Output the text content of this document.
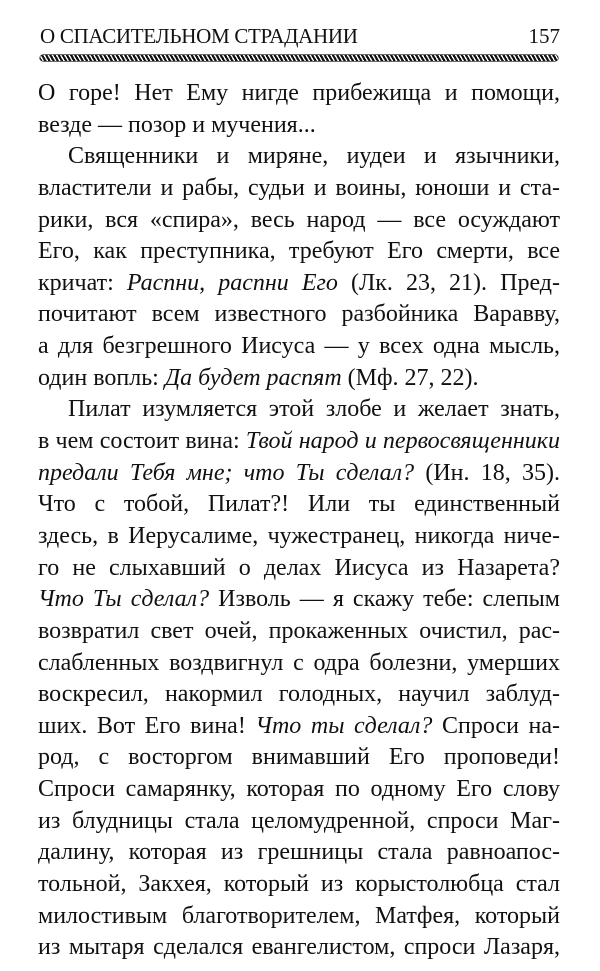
О СПАСИТЕЛЬНОМ СТРАДАНИИ	157
О горе! Нет Ему нигде прибежища и помощи,
везде — позор и мучения...
Священники и миряне, иудеи и язычники,
властители и рабы, судьи и воины, юноши и ста-
рики, вся «спира», весь народ — все осуждают
Его, как преступника, требуют Его смерти, все
кричат: Распни, распни Его (Лк. 23, 21). Пред-
почитают всем известного разбойника Варавву,
а для безгрешного Иисуса — у всех одна мысль,
один вопль: Да будет распят (Мф. 27, 22).
Пилат изумляется этой злобе и желает знать,
в чем состоит вина: Твой народ и первосвященники
предали Тебя мне; что Ты сделал? (Ин. 18, 35).
Что с тобой, Пилат?! Или ты единственный
здесь, в Иерусалиме, чужестранец, никогда ниче-
го не слыхавший о делах Иисуса из Назарета?
Что Ты сделал? Изволь — я скажу тебе: слепым
возвратил свет очей, прокаженных очистил, рас-
слабленных воздвигнул с одра болезни, умерших
воскресил, накормил голодных, научил заблуд-
ших. Вот Его вина! Что ты сделал? Спроси на-
род, с восторгом внимавший Его проповеди!
Спроси самарянку, которая по одному Его слову
из блудницы стала целомудренной, спроси Маг-
далину, которая из грешницы стала равноапос-
тольной, Закхея, который из корыстолюбца стал
милостивым благотворителем, Матфея, который
из мытаря сделался евангелистом, спроси Лазаря,
